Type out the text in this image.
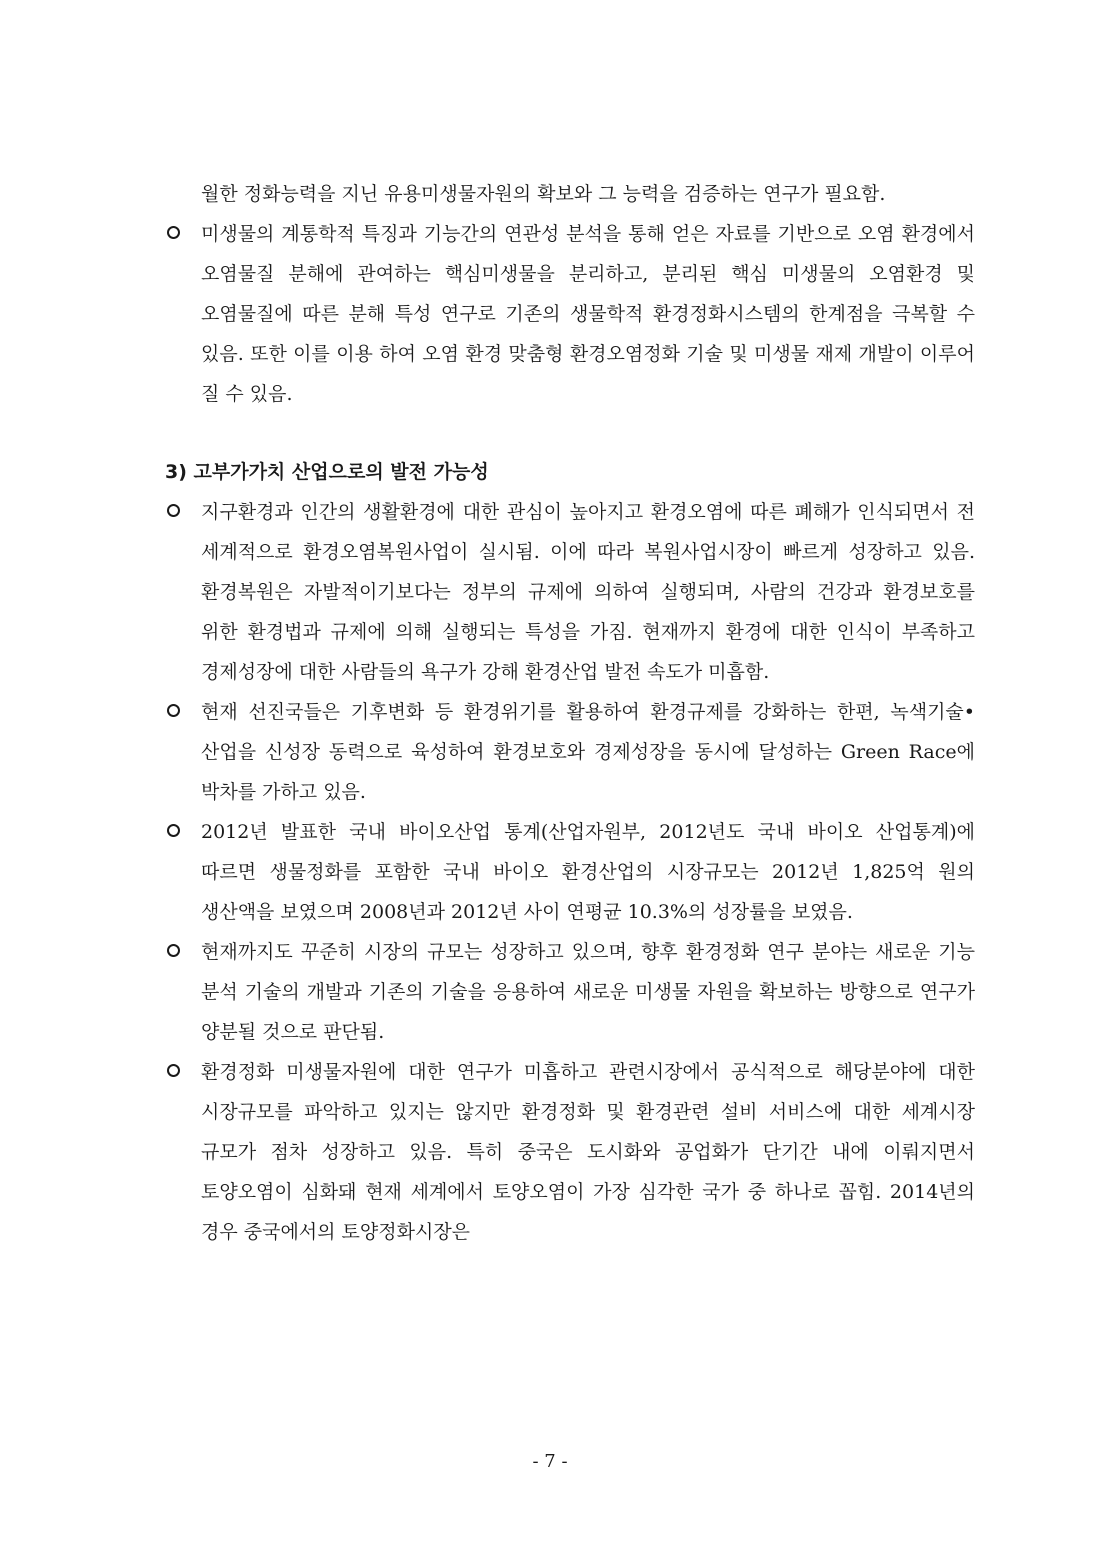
월한 정화능력을 지닌 유용미생물자원의 확보와 그 능력을 검증하는 연구가 필요함.

미생물의 계통학적 특징과 기능간의 연관성 분석을 통해 얻은 자료를 기반으로 오염 환경에서 오염물질 분해에 관여하는 핵심미생물을 분리하고, 분리된 핵심 미생물의 오염환경 및 오염물질에 따른 분해 특성 연구로 기존의 생물학적 환경정화시스템의 한계점을 극복할 수 있음. 또한 이를 이용 하여 오염 환경 맞춤형 환경오염정화 기술 및 미생물 재제 개발이 이루어 질 수 있음.
3) 고부가가치 산업으로의 발전 가능성
지구환경과 인간의 생활환경에 대한 관심이 높아지고 환경오염에 따른 폐해가 인식되면서 전 세계적으로 환경오염복원사업이 실시됨. 이에 따라 복원사업시장이 빠르게 성장하고 있음. 환경복원은 자발적이기보다는 정부의 규제에 의하여 실행되며, 사람의 건강과 환경보호를 위한 환경법과 규제에 의해 실행되는 특성을 가짐. 현재까지 환경에 대한 인식이 부족하고 경제성장에 대한 사람들의 욕구가 강해 환경산업 발전 속도가 미흡함.
현재 선진국들은 기후변화 등 환경위기를 활용하여 환경규제를 강화하는 한편, 녹색기술•산업을 신성장 동력으로 육성하여 환경보호와 경제성장을 동시에 달성하는 Green Race에 박차를 가하고 있음.
2012년 발표한 국내 바이오산업 통계(산업자원부, 2012년도 국내 바이오 산업통계)에 따르면 생물정화를 포함한 국내 바이오 환경산업의 시장규모는 2012년 1,825억 원의 생산액을 보였으며 2008년과 2012년 사이 연평균 10.3%의 성장률을 보였음.
현재까지도 꾸준히 시장의 규모는 성장하고 있으며, 향후 환경정화 연구 분야는 새로운 기능 분석 기술의 개발과 기존의 기술을 응용하여 새로운 미생물 자원을 확보하는 방향으로 연구가 양분될 것으로 판단됨.
환경정화 미생물자원에 대한 연구가 미흡하고 관련시장에서 공식적으로 해당분야에 대한 시장규모를 파악하고 있지는 않지만 환경정화 및 환경관련 설비 서비스에 대한 세계시장 규모가 점차 성장하고 있음. 특히 중국은 도시화와 공업화가 단기간 내에 이뤄지면서 토양오염이 심화돼 현재 세계에서 토양오염이 가장 심각한 국가 중 하나로 꼽힘. 2014년의 경우 중국에서의 토양정화시장은
- 7 -
